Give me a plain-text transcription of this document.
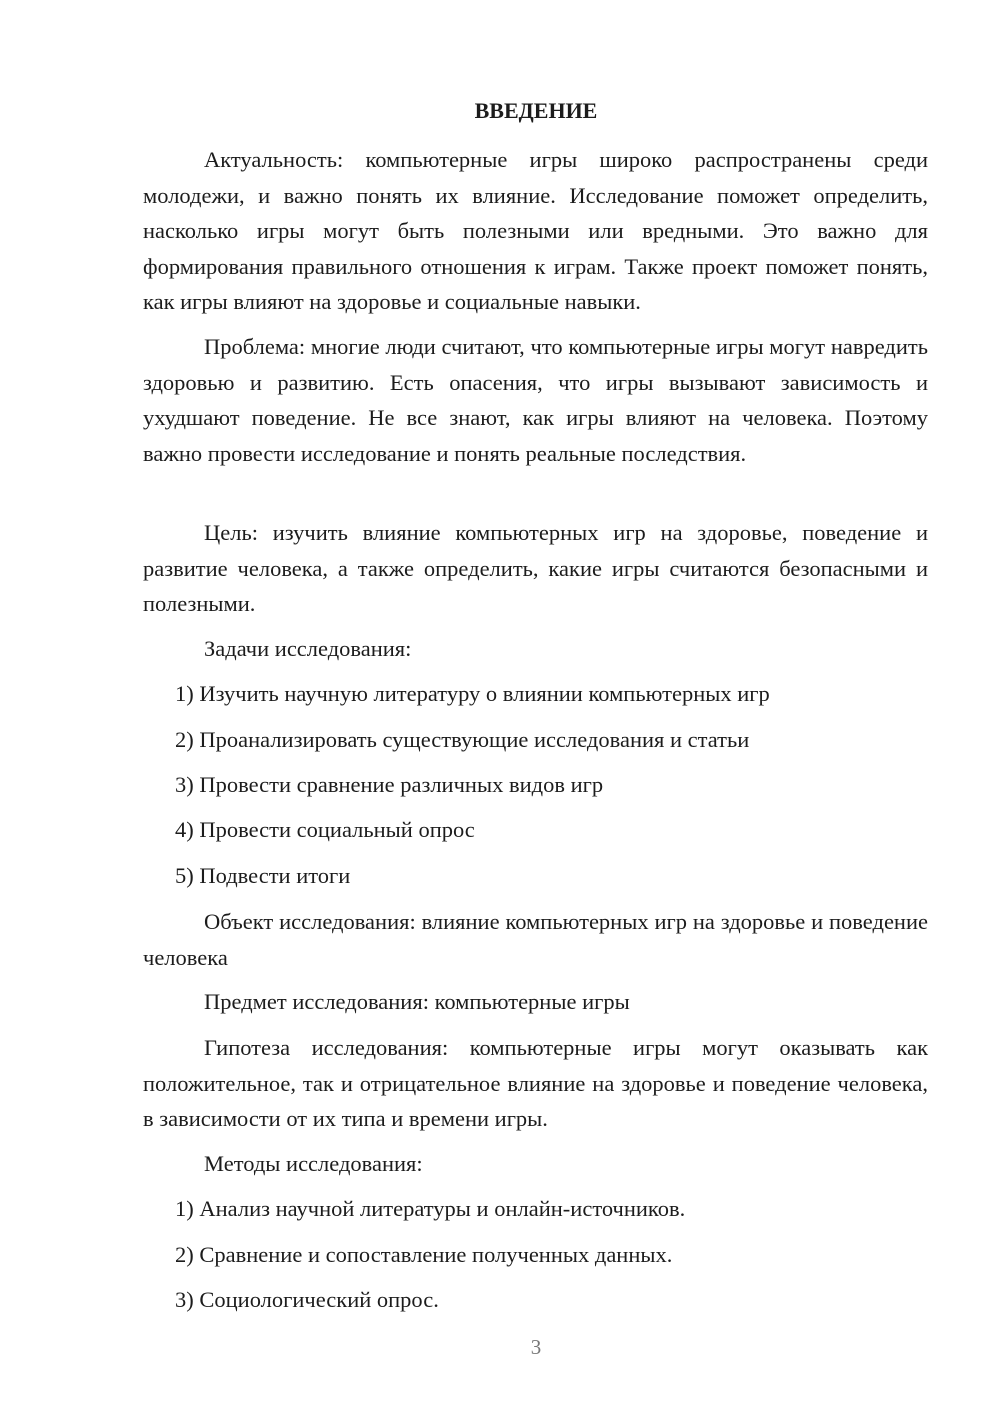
ВВЕДЕНИЕ

Актуальность: компьютерные игры широко распространены среди молодежи, и важно понять их влияние. Исследование поможет определить, насколько игры могут быть полезными или вредными. Это важно для формирования правильного отношения к играм. Также проект поможет понять, как игры влияют на здоровье и социальные навыки.

Проблема: многие люди считают, что компьютерные игры могут навредить здоровью и развитию. Есть опасения, что игры вызывают зависимость и ухудшают поведение. Не все знают, как игры влияют на человека. Поэтому важно провести исследование и понять реальные последствия.

Цель: изучить влияние компьютерных игр на здоровье, поведение и развитие человека, а также определить, какие игры считаются безопасными и полезными.

Задачи исследования:

1) Изучить научную литературу о влиянии компьютерных игр

2) Проанализировать существующие исследования и статьи

3) Провести сравнение различных видов игр

4) Провести социальный опрос

5) Подвести итоги

Объект исследования: влияние компьютерных игр на здоровье и поведение человека

Предмет исследования: компьютерные игры

Гипотеза исследования: компьютерные игры могут оказывать как положительное, так и отрицательное влияние на здоровье и поведение человека, в зависимости от их типа и времени игры.

Методы исследования:

1) Анализ научной литературы и онлайн-источников.

2) Сравнение и сопоставление полученных данных.

3) Социологический опрос.

3
